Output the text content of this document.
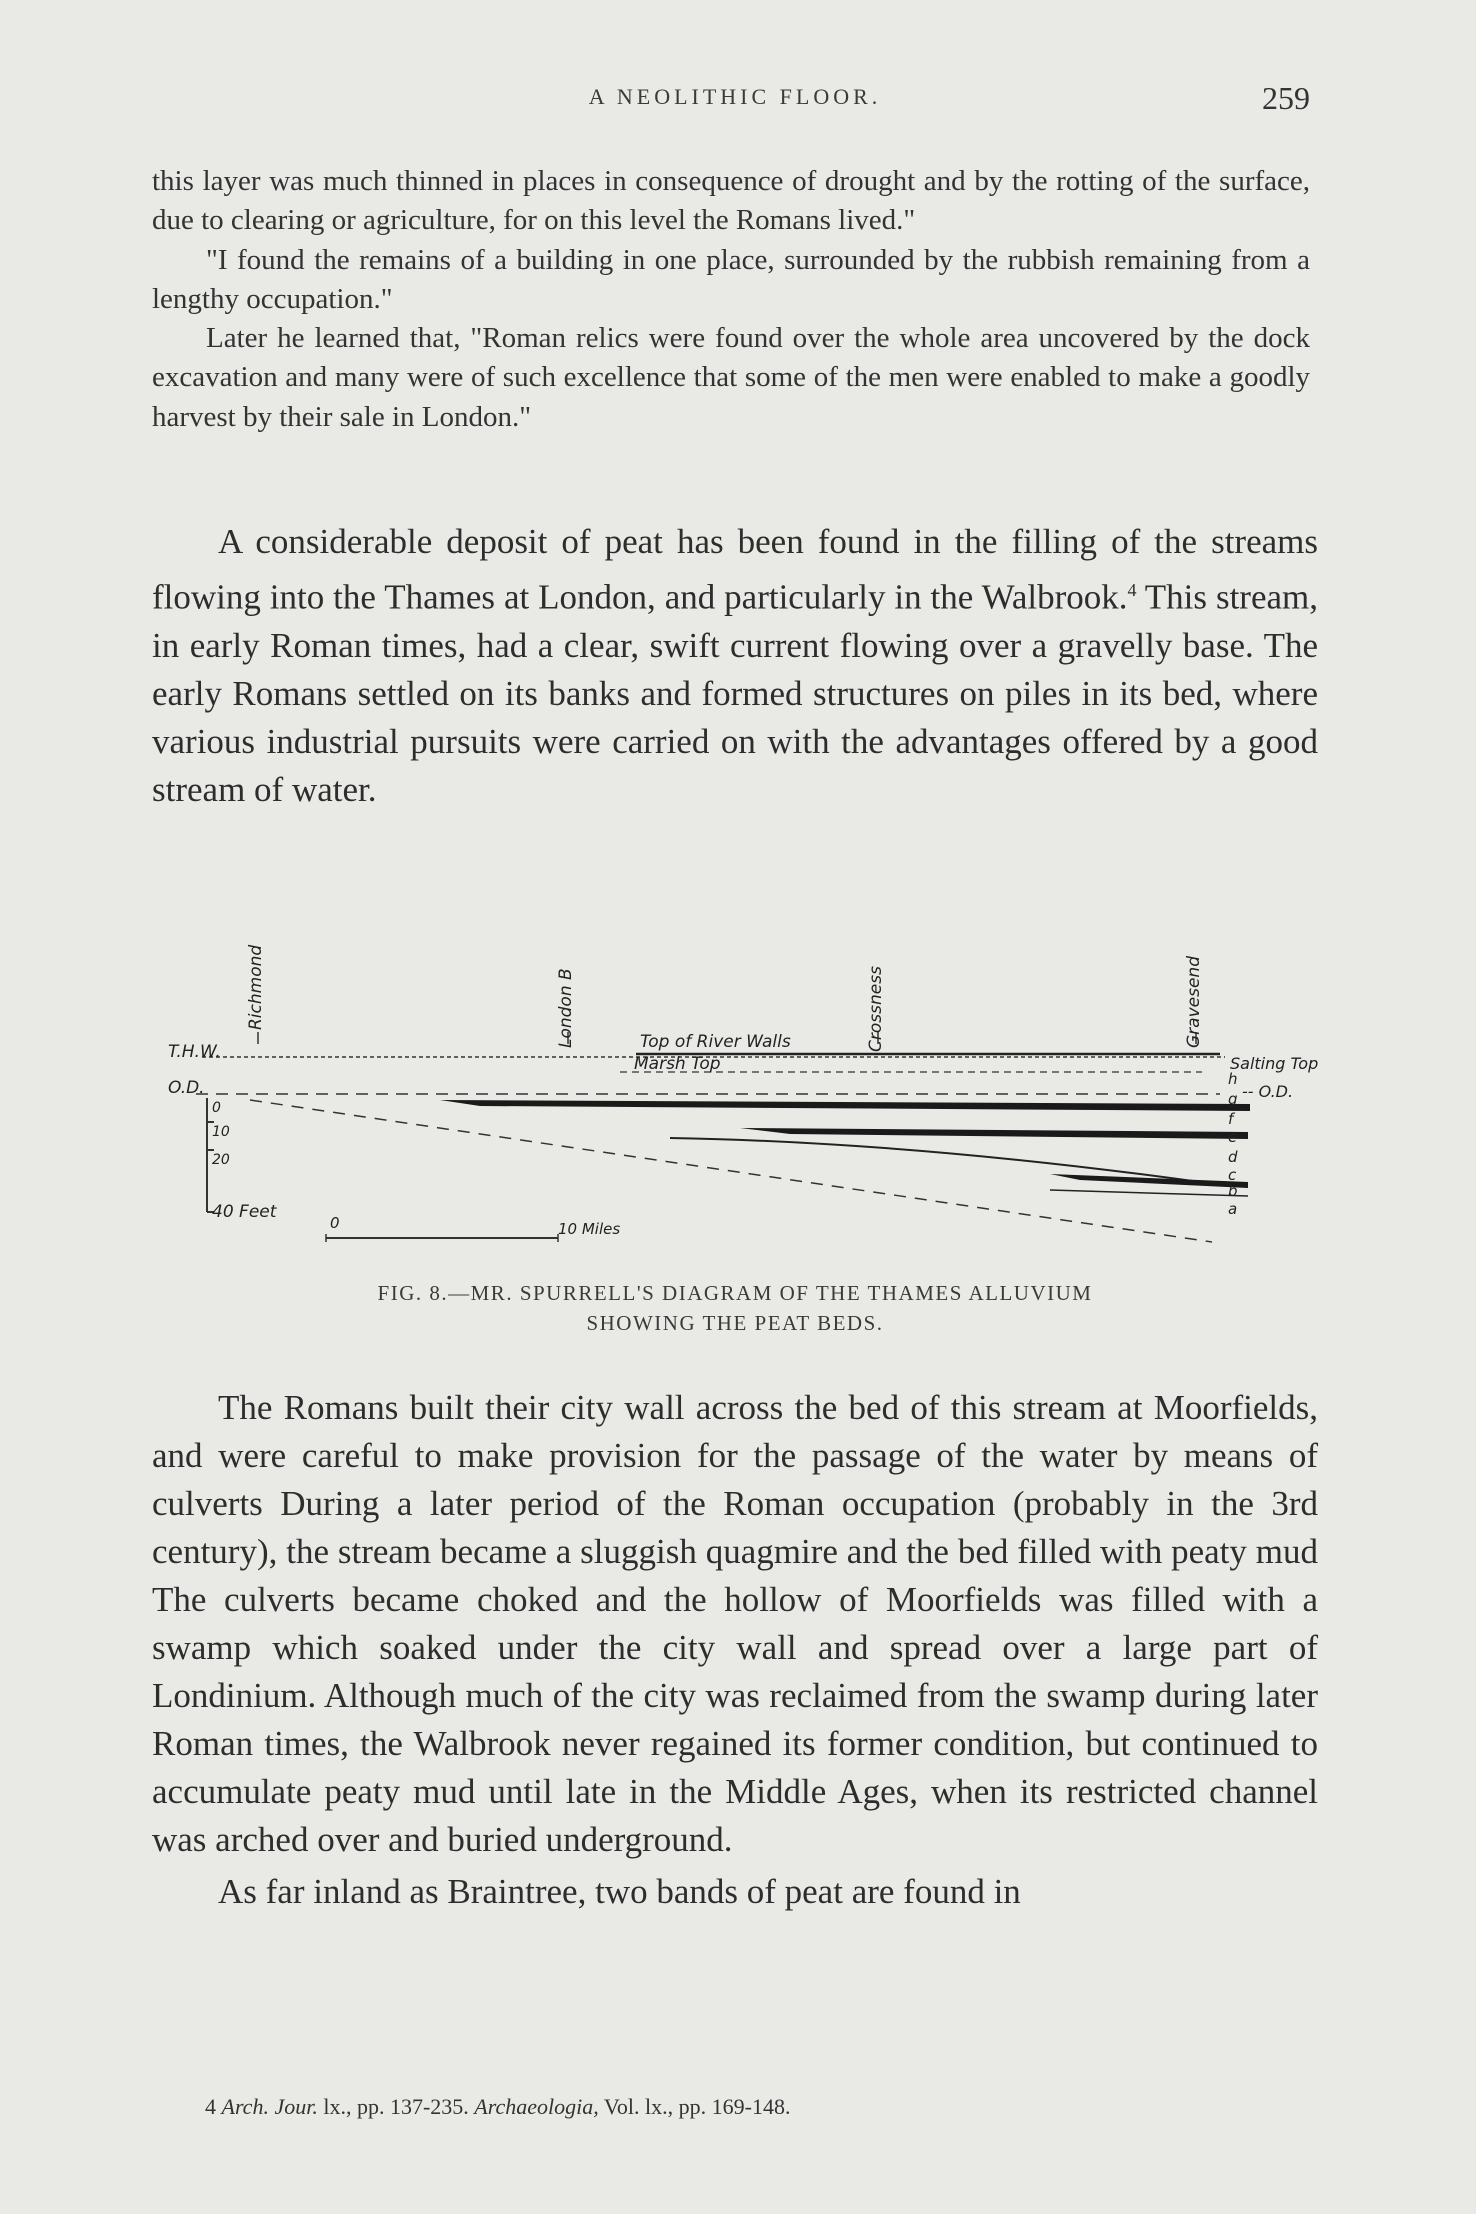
A NEOLITHIC FLOOR.	259

this layer was much thinned in places in consequence of drought and by the rotting of the surface, due to clearing or agriculture, for on this level the Romans lived."

"I found the remains of a building in one place, surrounded by the rubbish remaining from a lengthy occupation."

Later he learned that, "Roman relics were found over the whole area uncovered by the dock excavation and many were of such excellence that some of the men were enabled to make a goodly harvest by their sale in London."

A considerable deposit of peat has been found in the filling of the streams flowing into the Thames at London, and particularly in the Walbrook.$^4$ This stream, in early Roman times, had a clear, swift current flowing over a gravelly base. The early Romans settled on its banks and formed structures on piles in its bed, where various industrial pursuits were carried on with the advantages offered by a good stream of water.
Richmond	London B	Crossness	Gravesend
T.H.W.
O.D.
Top of River Walls
Marsh Top	Salting Top
-- O.D.
0
10
20
40 Feet
0	10 Miles
h
g
f
e
d
c
b
a
FIG. 8.—MR. SPURRELL'S DIAGRAM OF THE THAMES ALLUVIUM
SHOWING THE PEAT BEDS.

The Romans built their city wall across the bed of this stream at Moorfields, and were careful to make provision for the passage of the water by means of culverts During a later period of the Roman occupation (probably in the 3rd century), the stream became a sluggish quagmire and the bed filled with peaty mud The culverts became choked and the hollow of Moorfields was filled with a swamp which soaked under the city wall and spread over a large part of Londinium. Although much of the city was reclaimed from the swamp during later Roman times, the Walbrook never regained its former condition, but continued to accumulate peaty mud until late in the Middle Ages, when its restricted channel was arched over and buried underground.

As far inland as Braintree, two bands of peat are found in

4 Arch. Jour. lx., pp. 137-235. Archaeologia, Vol. lx., pp. 169-148.
